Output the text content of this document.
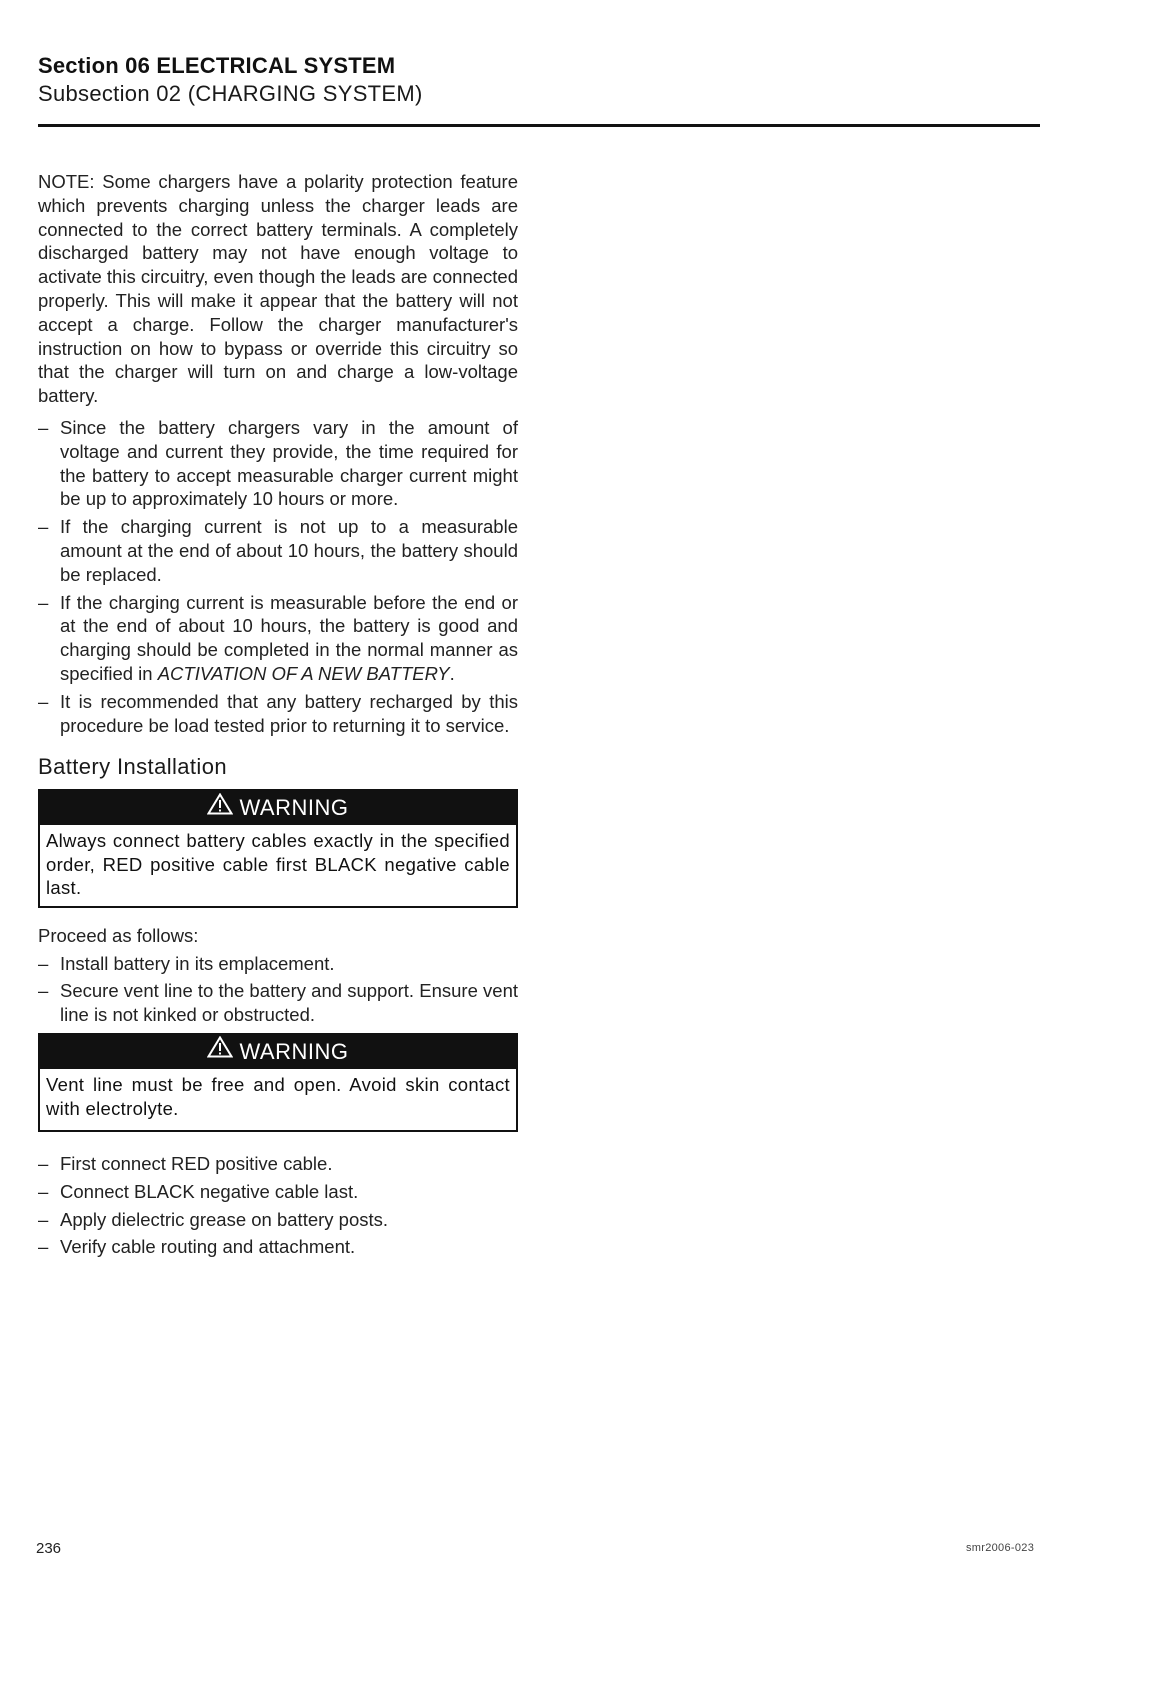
Section 06 ELECTRICAL SYSTEM
Subsection 02 (CHARGING SYSTEM)

NOTE: Some chargers have a polarity protection feature which prevents charging unless the charger leads are connected to the correct battery terminals. A completely discharged battery may not have enough voltage to activate this circuitry, even though the leads are connected properly. This will make it appear that the battery will not accept a charge. Follow the charger manufacturer's instruction on how to bypass or override this circuitry so that the charger will turn on and charge a low-voltage battery.

– Since the battery chargers vary in the amount of voltage and current they provide, the time required for the battery to accept measurable charger current might be up to approximately 10 hours or more.
– If the charging current is not up to a measurable amount at the end of about 10 hours, the battery should be replaced.
– If the charging current is measurable before the end or at the end of about 10 hours, the battery is good and charging should be completed in the normal manner as specified in ACTIVATION OF A NEW BATTERY.
– It is recommended that any battery recharged by this procedure be load tested prior to returning it to service.
Battery Installation
WARNING
Always connect battery cables exactly in the specified order, RED positive cable first BLACK negative cable last.

Proceed as follows:

– Install battery in its emplacement.
– Secure vent line to the battery and support. Ensure vent line is not kinked or obstructed.
WARNING
Vent line must be free and open. Avoid skin contact with electrolyte.
– First connect RED positive cable.
– Connect BLACK negative cable last.
– Apply dielectric grease on battery posts.
– Verify cable routing and attachment.
236	smr2006-023
